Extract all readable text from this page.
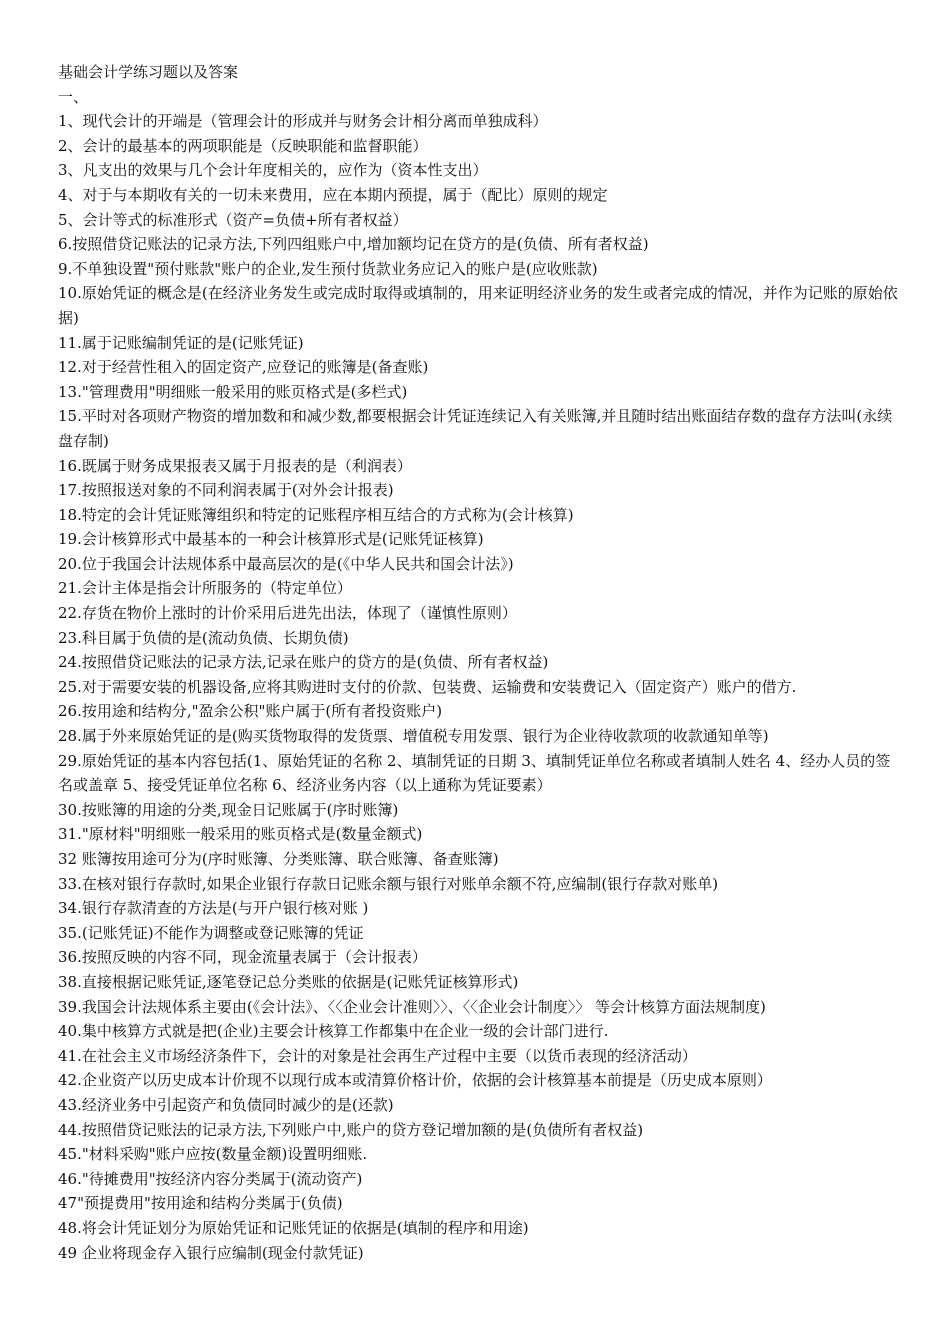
基础会计学练习题以及答案
一、
1、现代会计的开端是（管理会计的形成并与财务会计相分离而单独成科）
2、会计的最基本的两项职能是（反映职能和监督职能）
3、凡支出的效果与几个会计年度相关的，应作为（资本性支出）
4、对于与本期收有关的一切未来费用，应在本期内预提，属于（配比）原则的规定
5、会计等式的标准形式（资产=负债+所有者权益）
6.按照借贷记账法的记录方法,下列四组账户中,增加额均记在贷方的是(负债、所有者权益)
9.不单独设置"预付账款"账户的企业,发生预付货款业务应记入的账户是(应收账款)
10.原始凭证的概念是(在经济业务发生或完成时取得或填制的，用来证明经济业务的发生或者完成的情况，并作为记账的原始依据)
11.属于记账编制凭证的是(记账凭证)
12.对于经营性租入的固定资产,应登记的账簿是(备查账)
13."管理费用"明细账一般采用的账页格式是(多栏式)
15.平时对各项财产物资的增加数和和减少数,都要根据会计凭证连续记入有关账簿,并且随时结出账面结存数的盘存方法叫(永续盘存制)
16.既属于财务成果报表又属于月报表的是（利润表）
17.按照报送对象的不同利润表属于(对外会计报表)
18.特定的会计凭证账簿组织和特定的记账程序相互结合的方式称为(会计核算)
19.会计核算形式中最基本的一种会计核算形式是(记账凭证核算)
20.位于我国会计法规体系中最高层次的是(《中华人民共和国会计法》)
21.会计主体是指会计所服务的（特定单位）
22.存货在物价上涨时的计价采用后进先出法，体现了（谨慎性原则）
23.科目属于负债的是(流动负债、长期负债)
24.按照借贷记账法的记录方法,记录在账户的贷方的是(负债、所有者权益)
25.对于需要安装的机器设备,应将其购进时支付的价款、包装费、运输费和安装费记入（固定资产）账户的借方.
26.按用途和结构分,"盈余公积"账户属于(所有者投资账户)
28.属于外来原始凭证的是(购买货物取得的发货票、增值税专用发票、银行为企业待收款项的收款通知单等)
29.原始凭证的基本内容包括(1、原始凭证的名称 2、填制凭证的日期 3、填制凭证单位名称或者填制人姓名 4、经办人员的签名或盖章 5、接受凭证单位名称 6、经济业务内容（以上通称为凭证要素）
30.按账簿的用途的分类,现金日记账属于(序时账簿)
31."原材料"明细账一般采用的账页格式是(数量金额式)
32 账簿按用途可分为(序时账簿、分类账簿、联合账簿、备查账簿)
33.在核对银行存款时,如果企业银行存款日记账余额与银行对账单余额不符,应编制(银行存款对账单)
34.银行存款清查的方法是(与开户银行核对账 )
35.(记账凭证)不能作为调整或登记账簿的凭证
36.按照反映的内容不同，现金流量表属于（会计报表）
38.直接根据记账凭证,逐笔登记总分类账的依据是(记账凭证核算形式)
39.我国会计法规体系主要由(《会计法》、〈〈企业会计准则〉〉、〈〈企业会计制度〉〉 等会计核算方面法规制度)
40.集中核算方式就是把(企业)主要会计核算工作都集中在企业一级的会计部门进行.
41.在社会主义市场经济条件下，会计的对象是社会再生产过程中主要（以货币表现的经济活动）
42.企业资产以历史成本计价现不以现行成本或清算价格计价，依据的会计核算基本前提是（历史成本原则）
43.经济业务中引起资产和负债同时减少的是(还款)
44.按照借贷记账法的记录方法,下列账户中,账户的贷方登记增加额的是(负债所有者权益)
45."材料采购"账户应按(数量金额)设置明细账.
46."待摊费用"按经济内容分类属于(流动资产)
47"预提费用"按用途和结构分类属于(负债)
48.将会计凭证划分为原始凭证和记账凭证的依据是(填制的程序和用途)
49 企业将现金存入银行应编制(现金付款凭证)
